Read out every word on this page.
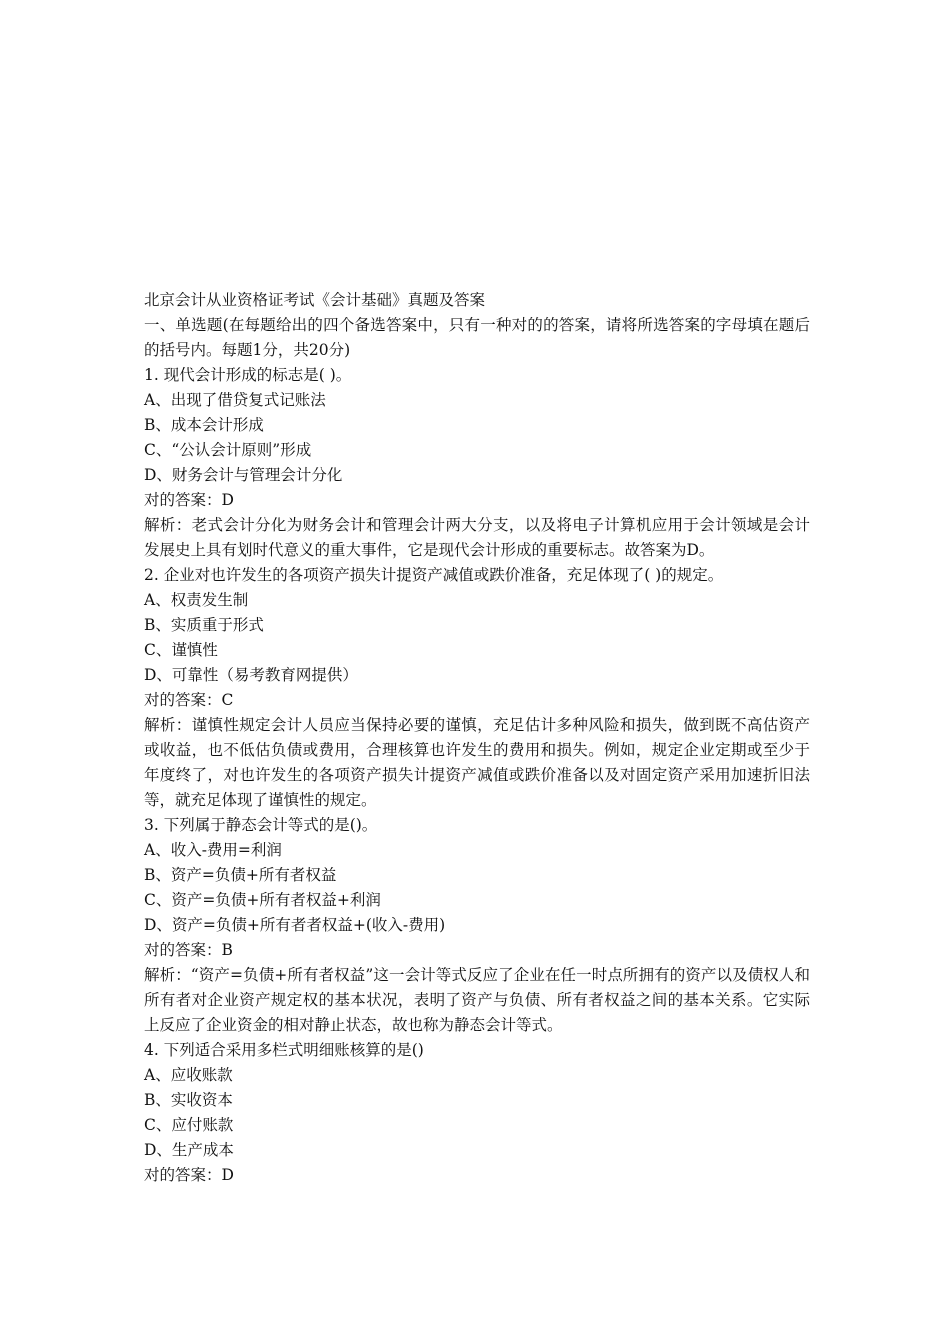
北京会计从业资格证考试《会计基础》真题及答案

一、单选题(在每题给出的四个备选答案中，只有一种对的的答案，请将所选答案的字母填在题后的括号内。每题1分，共20分)

1. 现代会计形成的标志是( )。

A、出现了借贷复式记账法

B、成本会计形成

C、“公认会计原则”形成

D、财务会计与管理会计分化

对的答案：D

解析：老式会计分化为财务会计和管理会计两大分支，以及将电子计算机应用于会计领域是会计发展史上具有划时代意义的重大事件，它是现代会计形成的重要标志。故答案为D。

2. 企业对也许发生的各项资产损失计提资产减值或跌价准备，充足体现了( )的规定。

A、权责发生制

B、实质重于形式

C、谨慎性

D、可靠性（易考教育网提供）

对的答案：C

解析：谨慎性规定会计人员应当保持必要的谨慎，充足估计多种风险和损失，做到既不高估资产或收益，也不低估负债或费用，合理核算也许发生的费用和损失。例如，规定企业定期或至少于年度终了，对也许发生的各项资产损失计提资产减值或跌价准备以及对固定资产采用加速折旧法等，就充足体现了谨慎性的规定。

3. 下列属于静态会计等式的是()。

A、收入-费用=利润

B、资产=负债+所有者权益

C、资产=负债+所有者权益+利润

D、资产=负债+所有者者权益+(收入-费用)

对的答案：B

解析：“资产=负债+所有者权益”这一会计等式反应了企业在任一时点所拥有的资产以及债权人和所有者对企业资产规定权的基本状况，表明了资产与负债、所有者权益之间的基本关系。它实际上反应了企业资金的相对静止状态，故也称为静态会计等式。

4. 下列适合采用多栏式明细账核算的是()

A、应收账款

B、实收资本

C、应付账款

D、生产成本

对的答案：D
